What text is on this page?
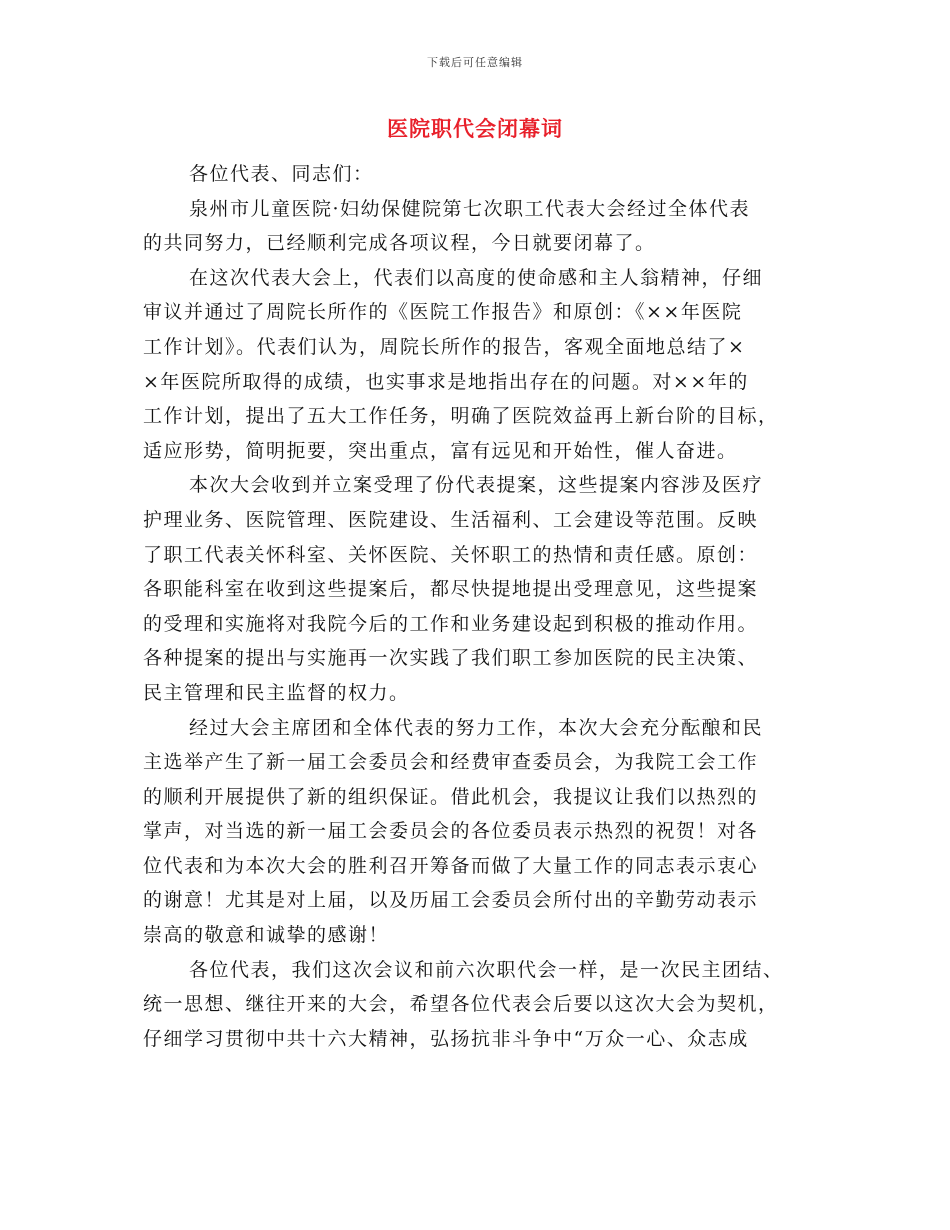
下载后可任意编辑
医院职代会闭幕词
各位代表、同志们：
泉州市儿童医院·妇幼保健院第七次职工代表大会经过全体代表
的共同努力，已经顺利完成各项议程，今日就要闭幕了。
在这次代表大会上，代表们以高度的使命感和主人翁精神，仔细
审议并通过了周院长所作的《医院工作报告》和原创：《××年医院
工作计划》。代表们认为，周院长所作的报告，客观全面地总结了×
×年医院所取得的成绩，也实事求是地指出存在的问题。对××年的
工作计划，提出了五大工作任务，明确了医院效益再上新台阶的目标，
适应形势，简明扼要，突出重点，富有远见和开始性，催人奋进。
本次大会收到并立案受理了份代表提案，这些提案内容涉及医疗
护理业务、医院管理、医院建设、生活福利、工会建设等范围。反映
了职工代表关怀科室、关怀医院、关怀职工的热情和责任感。原创：
各职能科室在收到这些提案后，都尽快提地提出受理意见，这些提案
的受理和实施将对我院今后的工作和业务建设起到积极的推动作用。
各种提案的提出与实施再一次实践了我们职工参加医院的民主决策、
民主管理和民主监督的权力。
经过大会主席团和全体代表的努力工作，本次大会充分酝酿和民
主选举产生了新一届工会委员会和经费审查委员会，为我院工会工作
的顺利开展提供了新的组织保证。借此机会，我提议让我们以热烈的
掌声，对当选的新一届工会委员会的各位委员表示热烈的祝贺！对各
位代表和为本次大会的胜利召开筹备而做了大量工作的同志表示衷心
的谢意！尤其是对上届，以及历届工会委员会所付出的辛勤劳动表示
崇高的敬意和诚挚的感谢！
各位代表，我们这次会议和前六次职代会一样，是一次民主团结、
统一思想、继往开来的大会，希望各位代表会后要以这次大会为契机，
仔细学习贯彻中共十六大精神，弘扬抗非斗争中“万众一心、众志成
